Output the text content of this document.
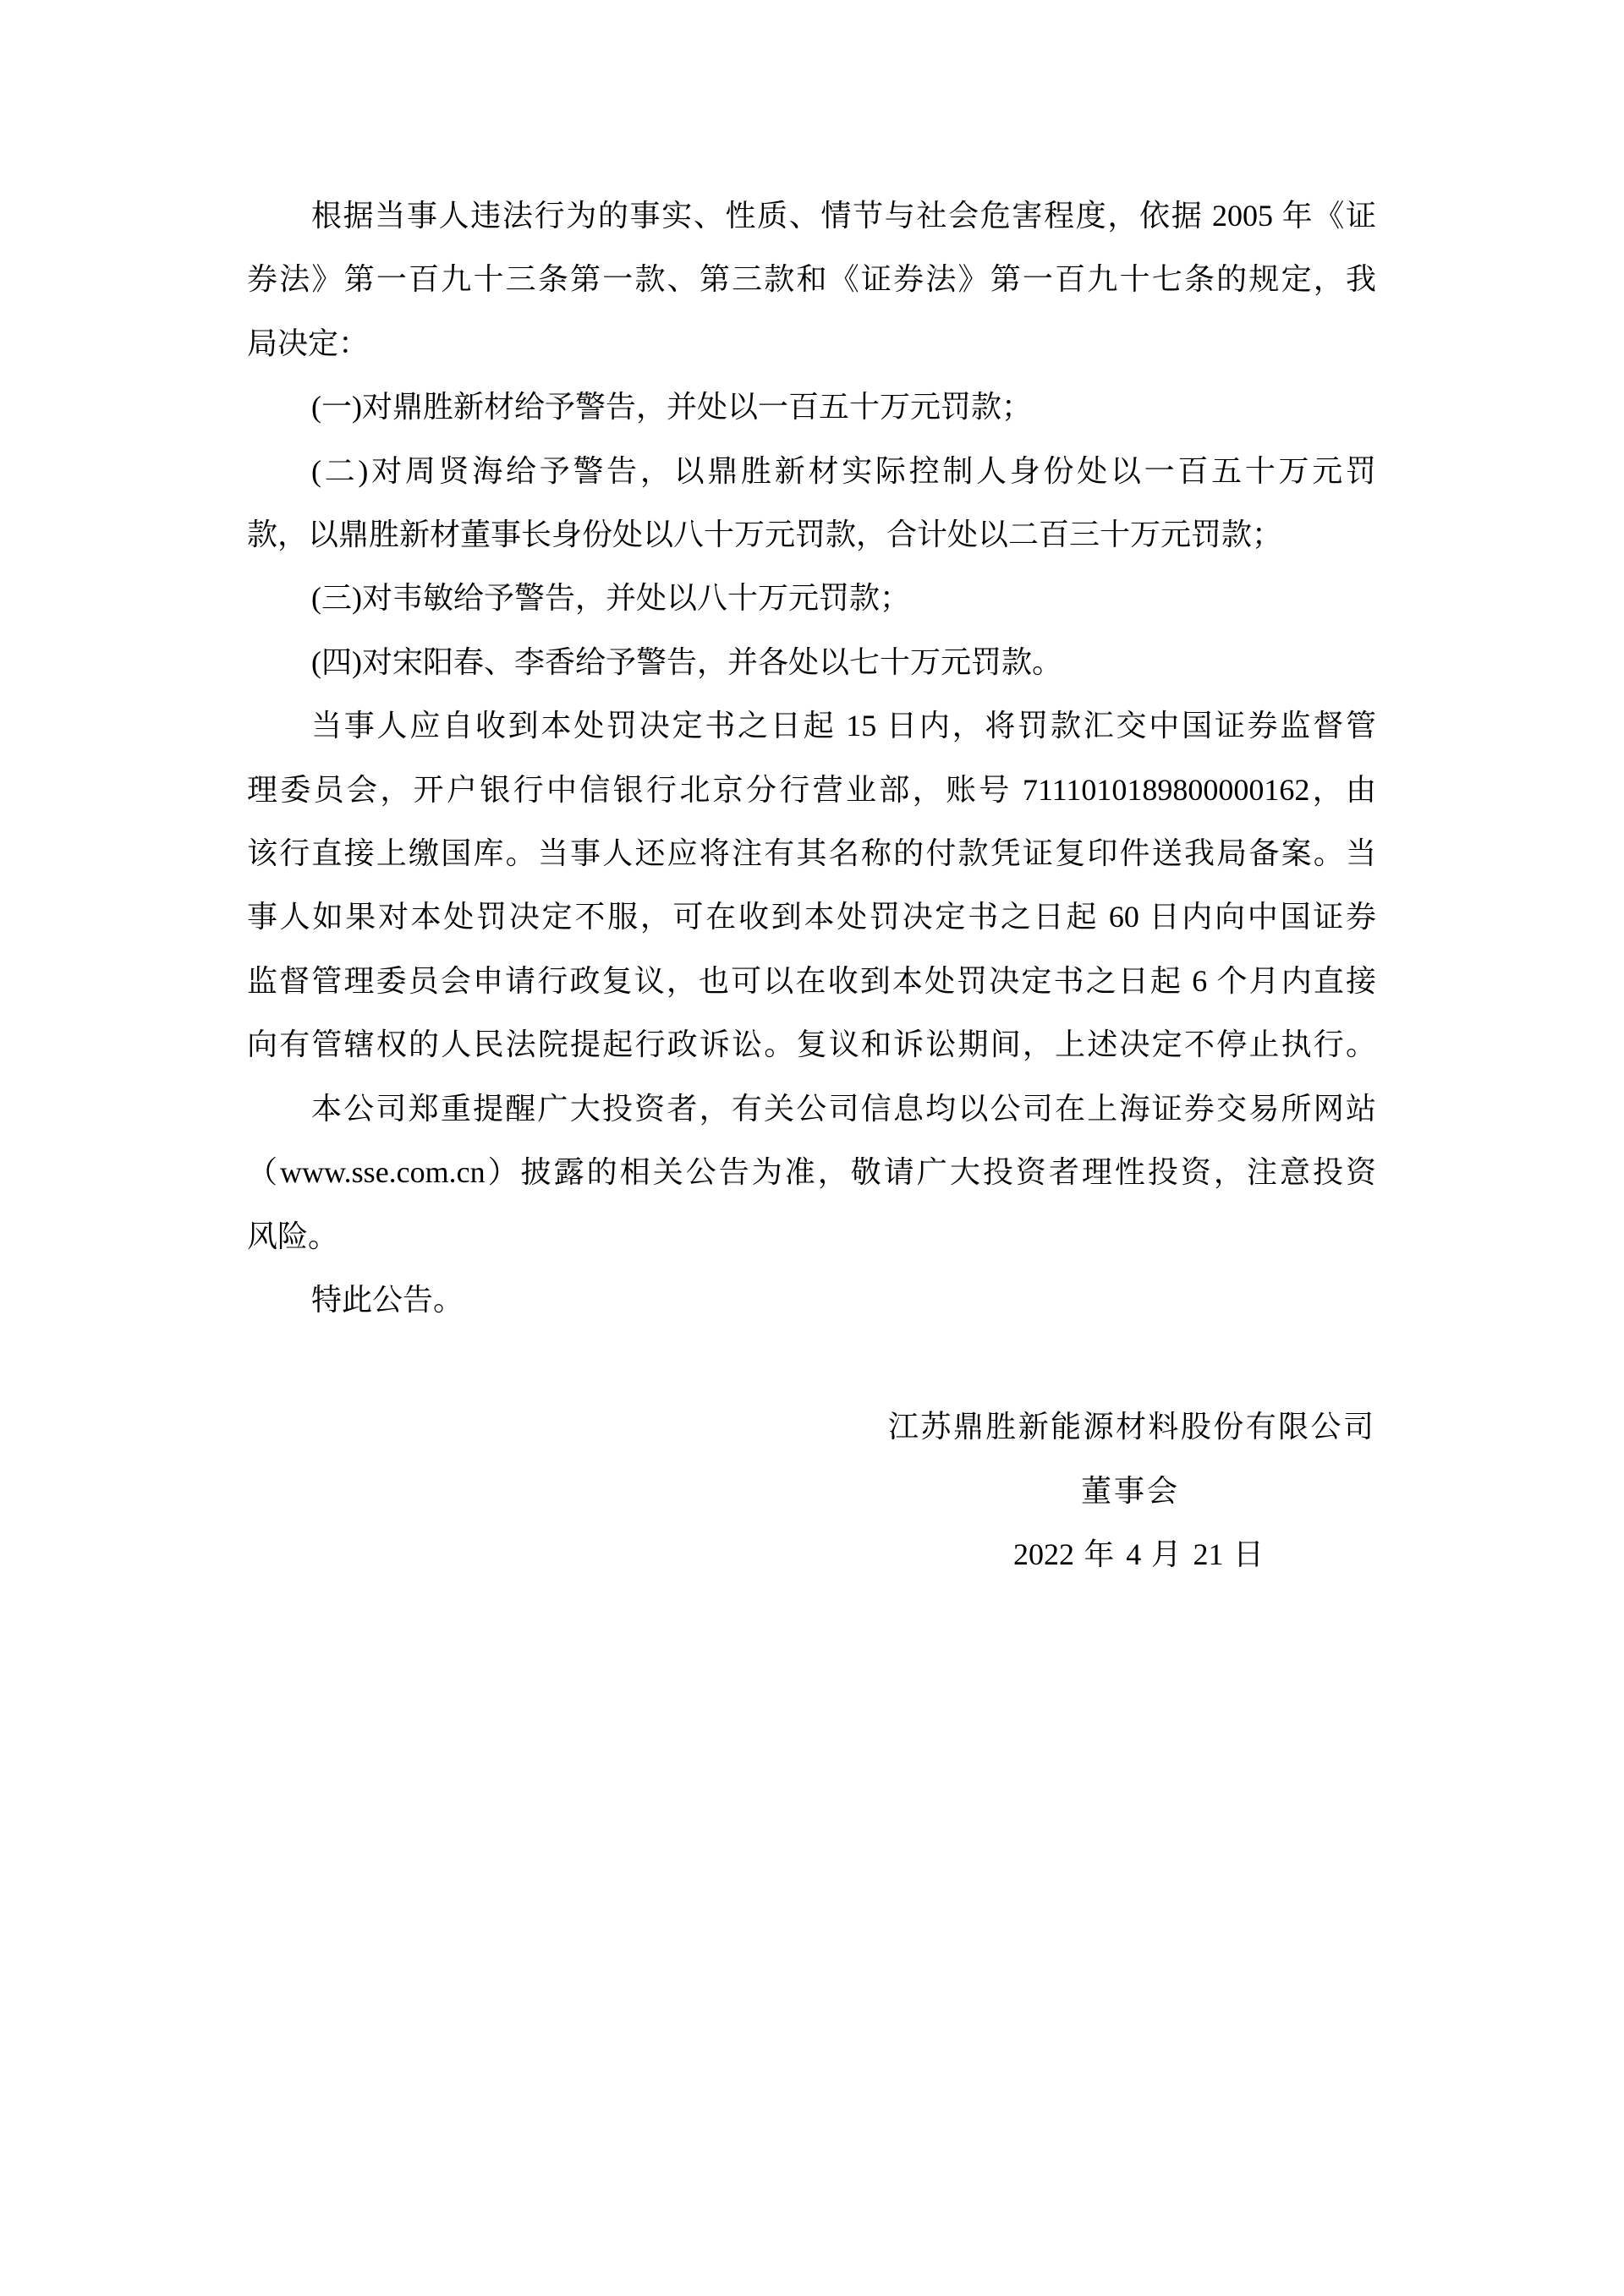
根据当事人违法行为的事实、性质、情节与社会危害程度，依据 2005 年《证
券法》第一百九十三条第一款、第三款和《证券法》第一百九十七条的规定，我
局决定：
(一)对鼎胜新材给予警告，并处以一百五十万元罚款；
(二)对周贤海给予警告，以鼎胜新材实际控制人身份处以一百五十万元罚
款，以鼎胜新材董事长身份处以八十万元罚款，合计处以二百三十万元罚款；
(三)对韦敏给予警告，并处以八十万元罚款；
(四)对宋阳春、李香给予警告，并各处以七十万元罚款。
当事人应自收到本处罚决定书之日起 15 日内，将罚款汇交中国证券监督管
理委员会，开户银行中信银行北京分行营业部，账号 7111010189800000162，由
该行直接上缴国库。当事人还应将注有其名称的付款凭证复印件送我局备案。当
事人如果对本处罚决定不服，可在收到本处罚决定书之日起 60 日内向中国证券
监督管理委员会申请行政复议，也可以在收到本处罚决定书之日起 6 个月内直接
向有管辖权的人民法院提起行政诉讼。复议和诉讼期间，上述决定不停止执行。
本公司郑重提醒广大投资者，有关公司信息均以公司在上海证券交易所网站
（www.sse.com.cn）披露的相关公告为准，敬请广大投资者理性投资，注意投资
风险。
特此公告。
江苏鼎胜新能源材料股份有限公司
董事会
2022 年 4 月 21 日
